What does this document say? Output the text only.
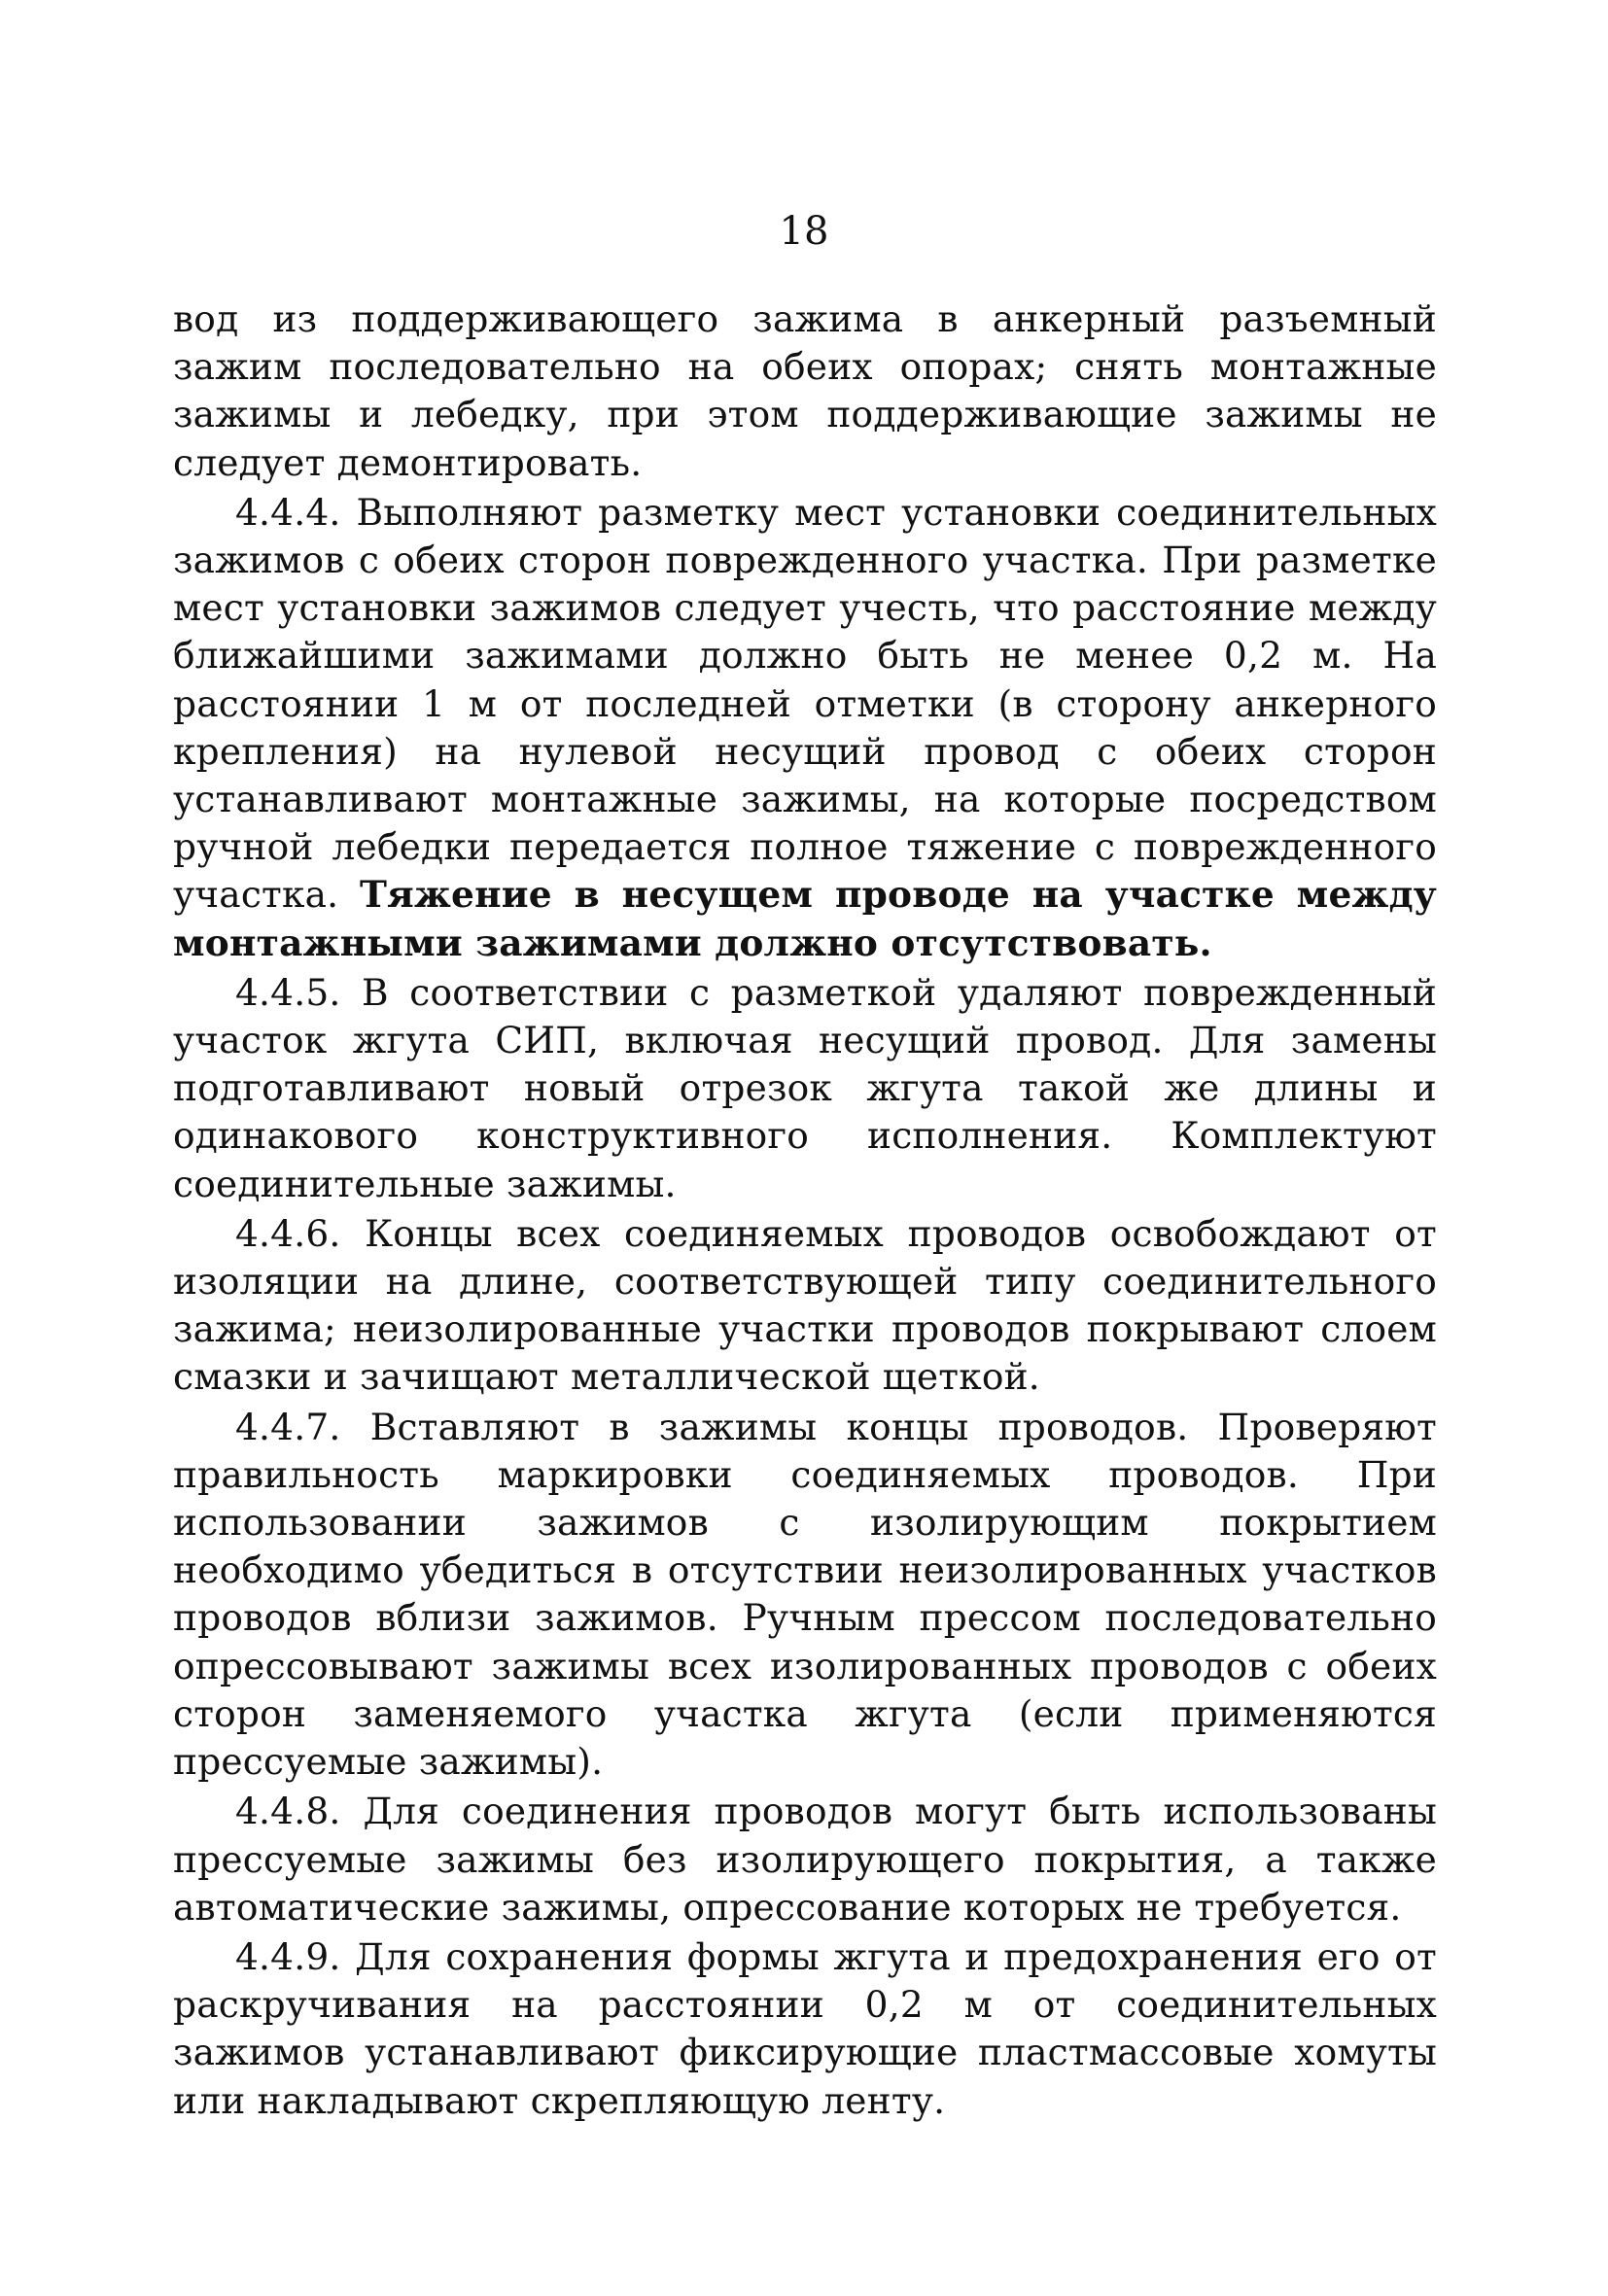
18

вод из поддерживающего зажима в анкерный разъемный зажим последовательно на обеих опорах; снять монтажные зажимы и лебедку, при этом поддерживающие зажимы не следует демонтировать.

4.4.4. Выполняют разметку мест установки соединительных зажимов с обеих сторон поврежденного участка. При разметке мест установки зажимов следует учесть, что расстояние между ближайшими зажимами должно быть не менее 0,2 м. На расстоянии 1 м от последней отметки (в сторону анкерного крепления) на нулевой несущий провод с обеих сторон устанавливают монтажные зажимы, на которые посредством ручной лебедки передается полное тяжение с поврежденного участка. Тяжение в несущем проводе на участке между монтажными зажимами должно отсутствовать.

4.4.5. В соответствии с разметкой удаляют поврежденный участок жгута СИП, включая несущий провод. Для замены подготавливают новый отрезок жгута такой же длины и одинакового конструктивного исполнения. Комплектуют соединительные зажимы.

4.4.6. Концы всех соединяемых проводов освобождают от изоляции на длине, соответствующей типу соединительного зажима; неизолированные участки проводов покрывают слоем смазки и зачищают металлической щеткой.

4.4.7. Вставляют в зажимы концы проводов. Проверяют правильность маркировки соединяемых проводов. При использовании зажимов с изолирующим покрытием необходимо убедиться в отсутствии неизолированных участков проводов вблизи зажимов. Ручным прессом последовательно опрессовывают зажимы всех изолированных проводов с обеих сторон заменяемого участка жгута (если применяются прессуемые зажимы).

4.4.8. Для соединения проводов могут быть использованы прессуемые зажимы без изолирующего покрытия, а также автоматические зажимы, опрессование которых не требуется.

4.4.9. Для сохранения формы жгута и предохранения его от раскручивания на расстоянии 0,2 м от соединительных зажимов устанавливают фиксирующие пластмассовые хомуты или накладывают скрепляющую ленту.
